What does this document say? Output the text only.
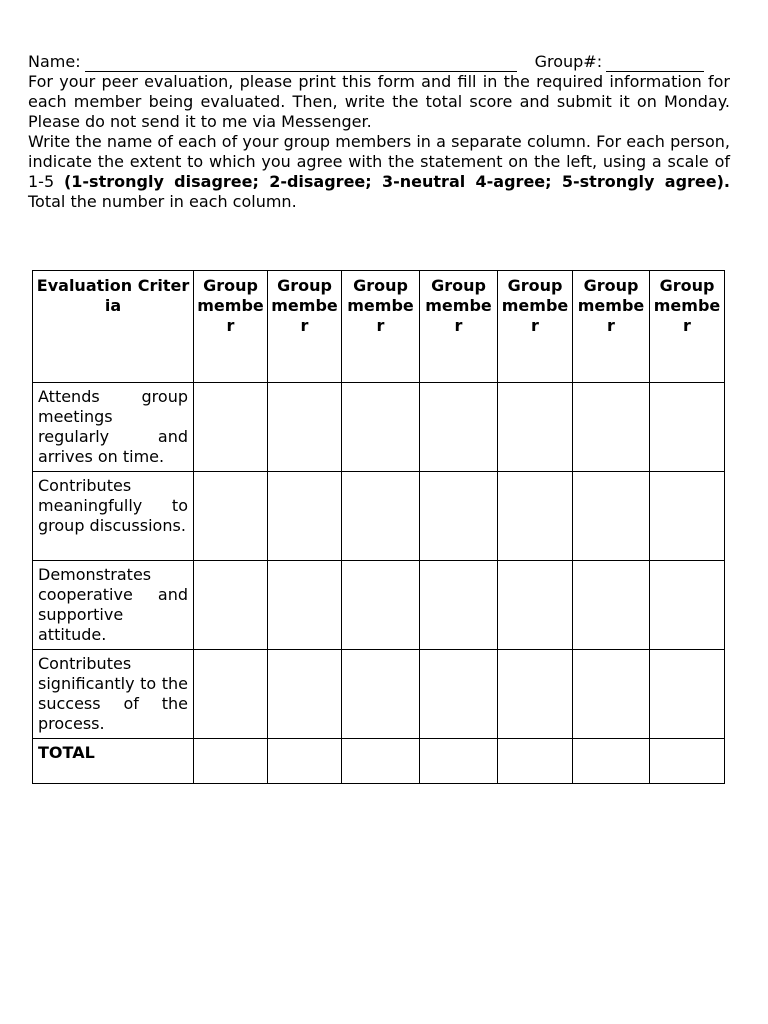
Name:	Group#:

For your peer evaluation, please print this form and fill in the required information for each member being evaluated. Then, write the total score and submit it on Monday. Please do not send it to me via Messenger.

Write the name of each of your group members in a separate column. For each person, indicate the extent to which you agree with the statement on the left, using a scale of 1-5 (1-strongly disagree; 2-disagree; 3-neutral 4-agree; 5-strongly agree). Total the number in each column.

Evaluation Criteria	Group member	Group member	Group member	Group member	Group member	Group member	Group member
Attends group meetings regularly and arrives on time.							
Contributes meaningfully to group discussions.							
Demonstrates cooperative and supportive attitude.							
Contributes significantly to the success of the process.							
TOTAL							
